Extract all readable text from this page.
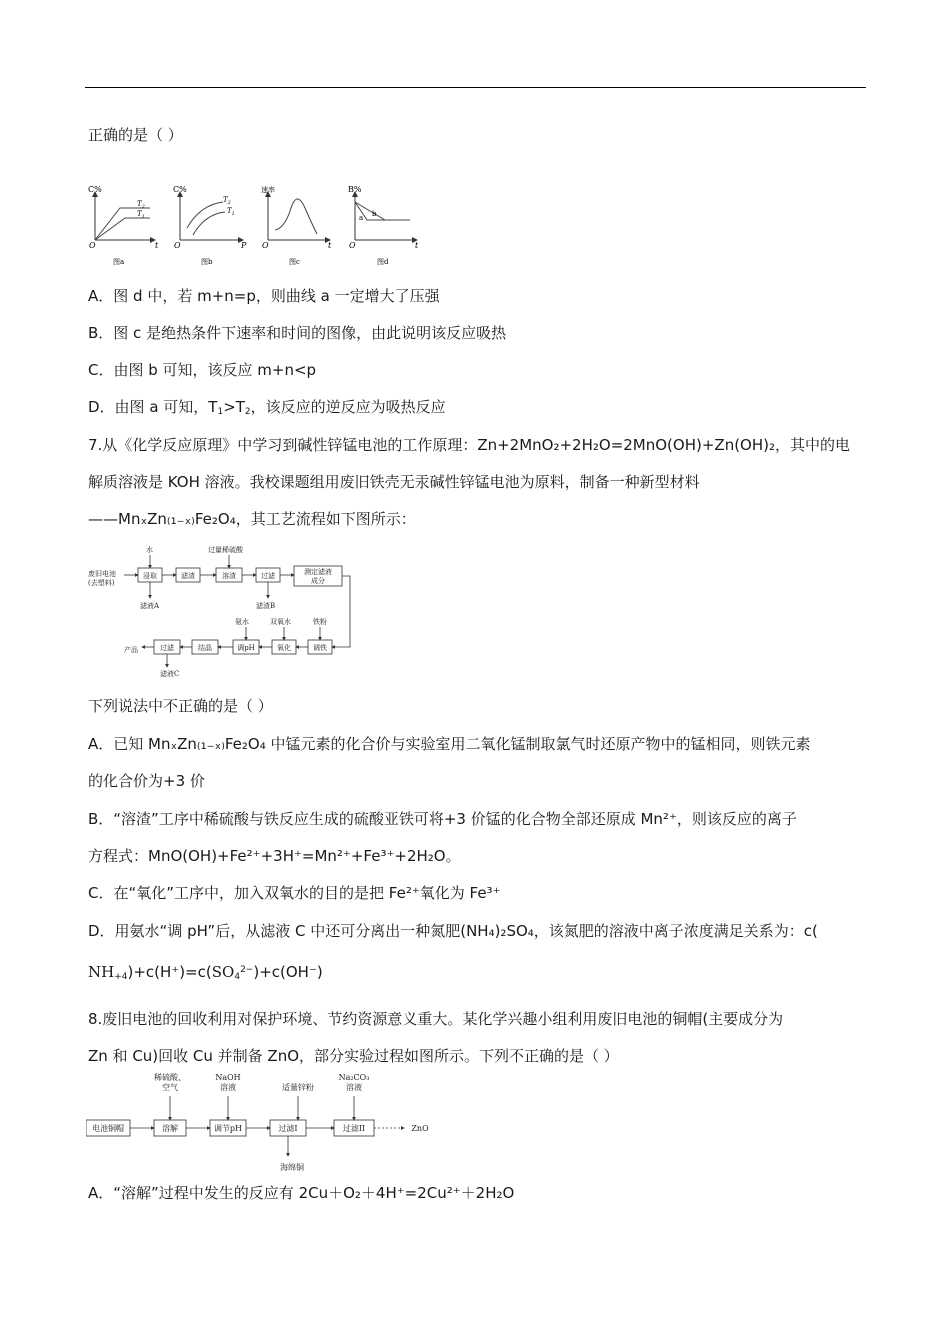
正确的是（ ）
C%
t
O
$T_2$
$T_1$
图a
C%
P
O
$T_2$
$T_1$
图b
速率
t
O
图c
B%
t
O
b
a
图d
A．图 d 中，若 m+n=p，则曲线 a 一定增大了压强
B．图 c 是绝热条件下速率和时间的图像，由此说明该反应吸热
C．由图 b 可知，该反应 m+n<p
D．由图 a 可知，$T_1>T_2$，该反应的逆反应为吸热反应
7.从《化学反应原理》中学习到碱性锌锰电池的工作原理：Zn+2MnO₂+2H₂O=2MnO(OH)+Zn(OH)₂，其中的电
解质溶液是 KOH 溶液。我校课题组用废旧铁壳无汞碱性锌锰电池为原料，制备一种新型材料
——MnₓZn₍₁₋ₓ₎Fe₂O₄，其工艺流程如下图所示：
废旧电池
(去塑料)
水	过量稀硫酸
滤液A	滤渣B
氨水	双氧水	铁粉
产品
滤液C
浸取	滤渣	溶渣	过滤	测定滤液
成分
调铁
氧化
调pH
结晶
过滤
下列说法中不正确的是（ ）
A．已知 MnₓZn₍₁₋ₓ₎Fe₂O₄ 中锰元素的化合价与实验室用二氧化锰制取氯气时还原产物中的锰相同，则铁元素
的化合价为+3 价
B．“溶渣”工序中稀硫酸与铁反应生成的硫酸亚铁可将+3 价锰的化合物全部还原成 Mn²⁺，则该反应的离子
方程式：MnO(OH)+Fe²⁺+3H⁺=Mn²⁺+Fe³⁺+2H₂O。
C．在“氧化”工序中，加入双氧水的目的是把 Fe²⁺氧化为 Fe³⁺
D．用氨水“调 pH”后，从滤液 C 中还可分离出一种氮肥(NH₄)₂SO₄，该氮肥的溶液中离子浓度满足关系为：c(
$NH_{+4})+c(H^+)=c(SO_4^{2-})+c(OH^-)$
8.废旧电池的回收利用对保护环境、节约资源意义重大。某化学兴趣小组利用废旧电池的铜帽(主要成分为
Zn 和 Cu)回收 Cu 并制备 ZnO，部分实验过程如图所示。下列不正确的是（ ）
电池铜帽	溶解	调节pH	过滤I	过滤II	ZnO
稀硫酸、
空气
NaOH
溶液	适量锌粉
Na₂CO₃
溶液
海绵铜
A．“溶解”过程中发生的反应有 2Cu＋O₂＋4H⁺=2Cu²⁺＋2H₂O
